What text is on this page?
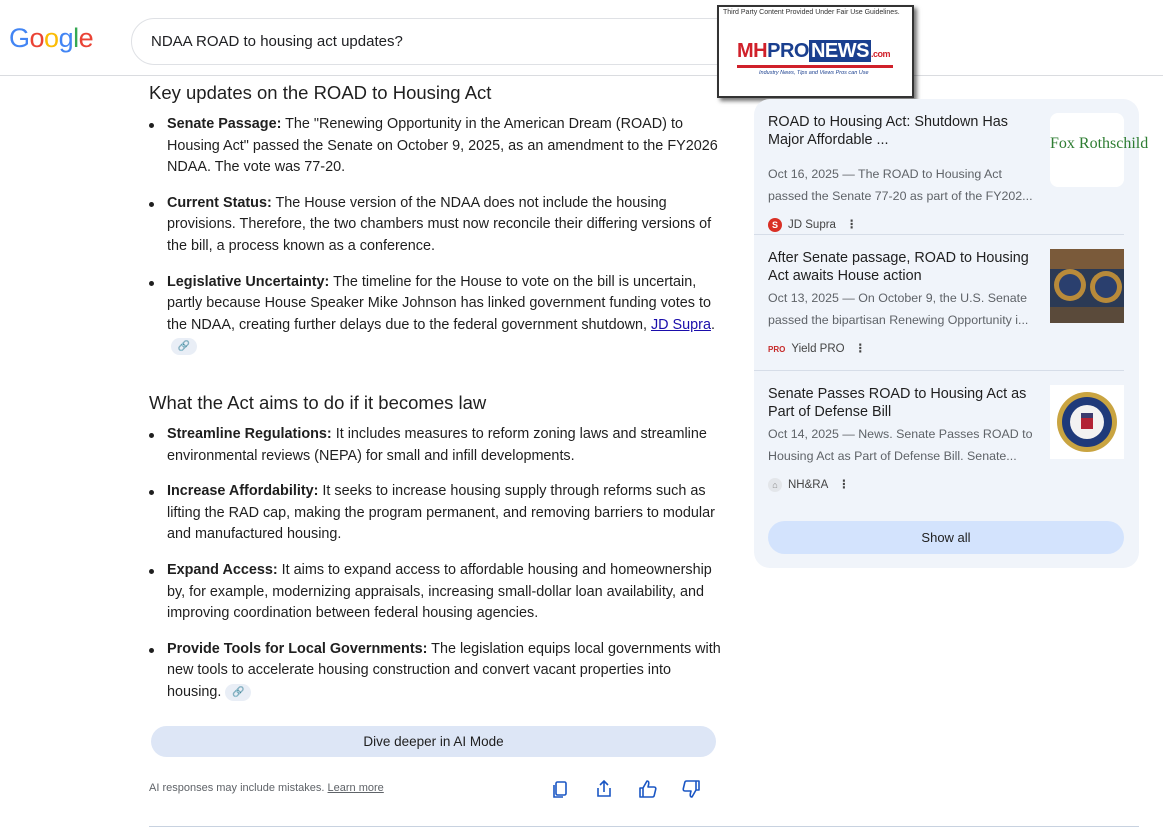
Google	NDAA ROAD to housing act updates?
Third Party Content Provided Under Fair Use Guidelines.
MHPRO NEWS .com
Industry News, Tips and Views Pros can Use
Key updates on the ROAD to Housing Act
Senate Passage: The "Renewing Opportunity in the American Dream (ROAD) to Housing Act" passed the Senate on October 9, 2025, as an amendment to the FY2026 NDAA. The vote was 77-20.
Current Status: The House version of the NDAA does not include the housing provisions. Therefore, the two chambers must now reconcile their differing versions of the bill, a process known as a conference.
Legislative Uncertainty: The timeline for the House to vote on the bill is uncertain, partly because House Speaker Mike Johnson has linked government funding votes to the NDAA, creating further delays due to the federal government shutdown, JD Supra.🔗
What the Act aims to do if it becomes law
Streamline Regulations: It includes measures to reform zoning laws and streamline environmental reviews (NEPA) for small and infill developments.
Increase Affordability: It seeks to increase housing supply through reforms such as lifting the RAD cap, making the program permanent, and removing barriers to modular and manufactured housing.
Expand Access: It aims to expand access to affordable housing and homeownership by, for example, modernizing appraisals, increasing small-dollar loan availability, and improving coordination between federal housing agencies.
Provide Tools for Local Governments: The legislation equips local governments with new tools to accelerate housing construction and convert vacant properties into housing. 🔗
Dive deeper in AI Mode
AI responses may include mistakes. Learn more
ROAD to Housing Act: Shutdown Has Major Affordable ...
Oct 16, 2025 — The ROAD to Housing Act passed the Senate 77-20 as part of the FY202...
S JD Supra ⋮
Fox Rothschild
After Senate passage, ROAD to Housing Act awaits House action
Oct 13, 2025 — On October 9, the U.S. Senate passed the bipartisan Renewing Opportunity i...
PRO Yield PRO ⋮
Senate Passes ROAD to Housing Act as Part of Defense Bill
Oct 14, 2025 — News. Senate Passes ROAD to Housing Act as Part of Defense Bill. Senate...
⌂ NH&RA ⋮
Show all
